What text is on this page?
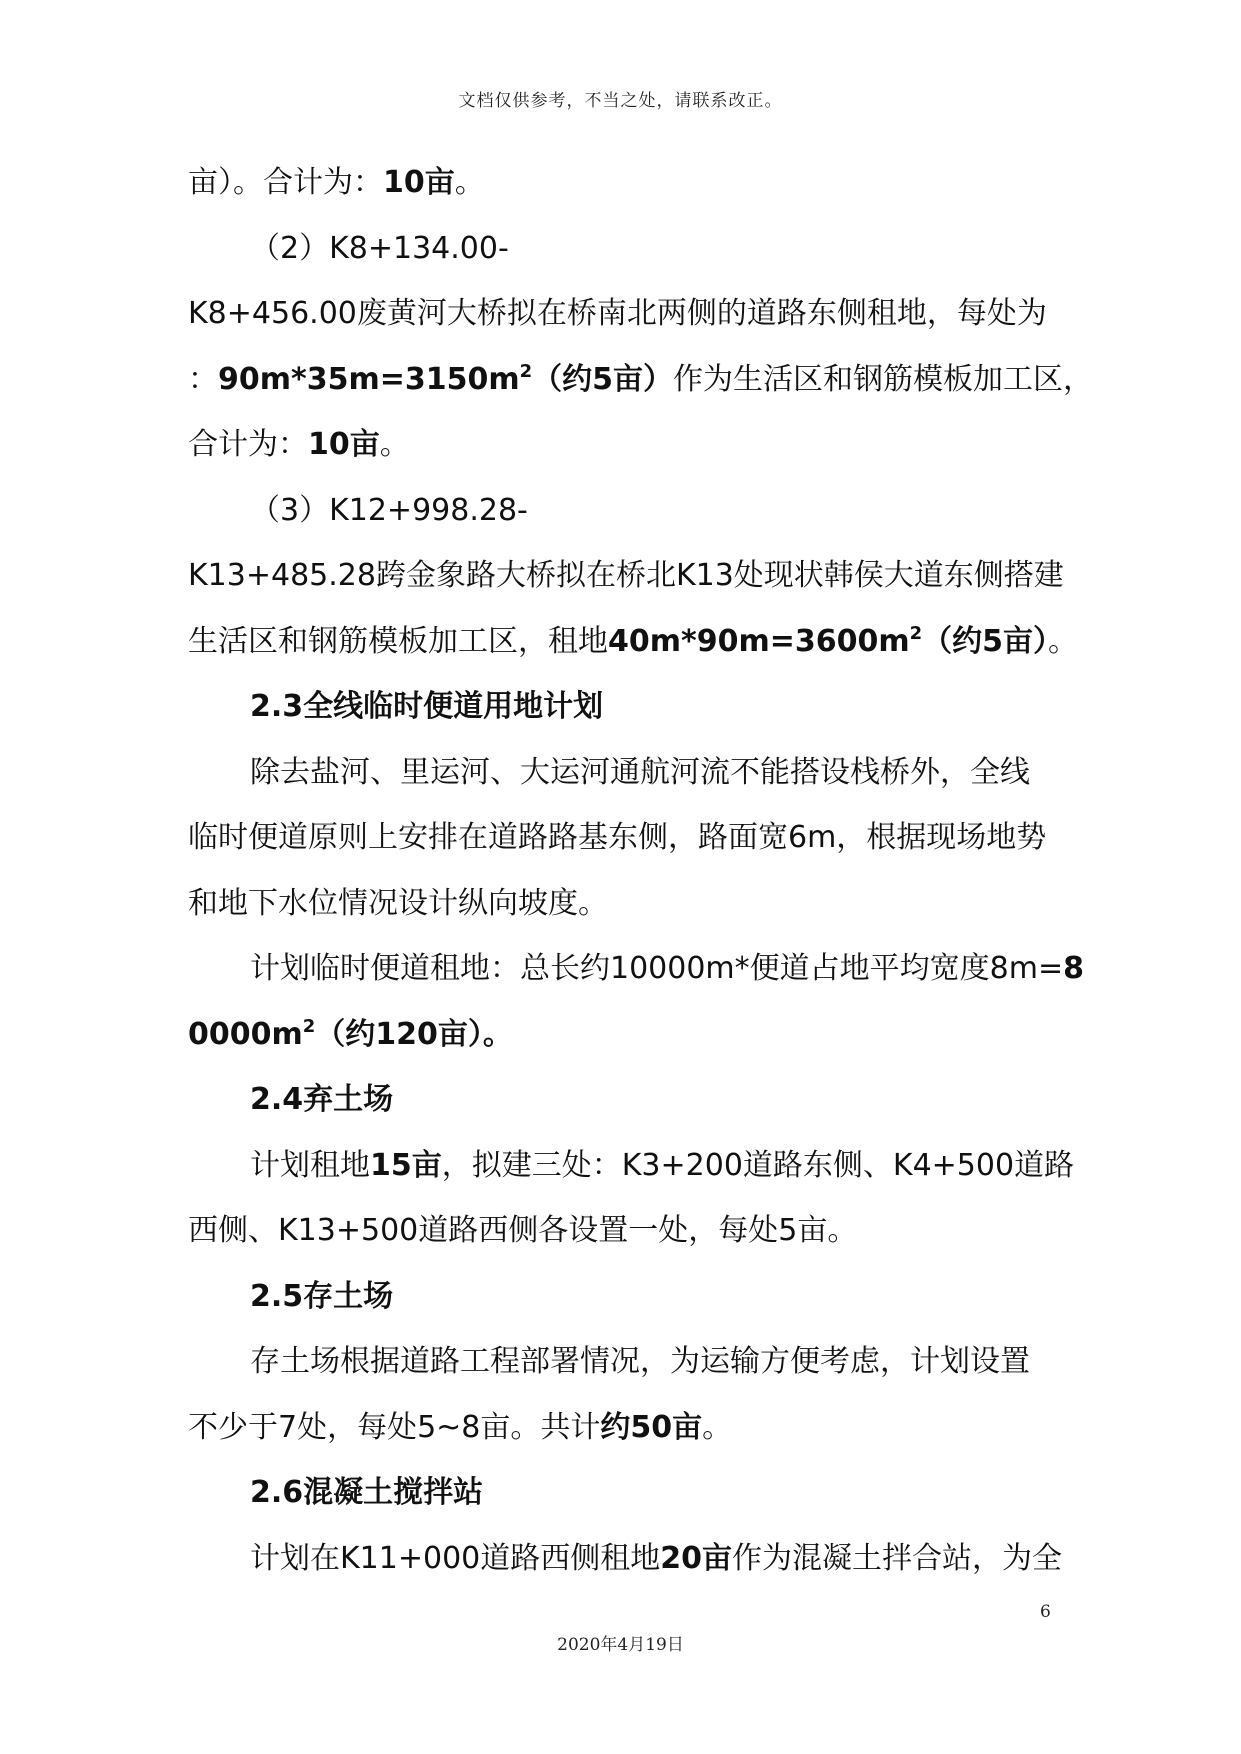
文档仅供参考，不当之处，请联系改正。
亩）。合计为：10亩。
（2）K8+134.00-
K8+456.00废黄河大桥拟在桥南北两侧的道路东侧租地，每处为
：$90m*35m=3150m^2$（约5亩）作为生活区和钢筋模板加工区，
合计为：10亩。
（3）K12+998.28-
K13+485.28跨金象路大桥拟在桥北K13处现状韩侯大道东侧搭建
生活区和钢筋模板加工区，租地$40m*90m=3600m^2$（约5亩）。
2.3全线临时便道用地计划
除去盐河、里运河、大运河通航河流不能搭设栈桥外，全线
临时便道原则上安排在道路路基东侧，路面宽6m，根据现场地势
和地下水位情况设计纵向坡度。
计划临时便道租地：总长约10000m*便道占地平均宽度8m=8
$0000m^2$（约120亩）。
2.4弃土场
计划租地15亩，拟建三处：K3+200道路东侧、K4+500道路
西侧、K13+500道路西侧各设置一处，每处5亩。
2.5存土场
存土场根据道路工程部署情况，为运输方便考虑，计划设置
不少于7处，每处5~8亩。共计约50亩。
2.6混凝土搅拌站
计划在K11+000道路西侧租地20亩作为混凝土拌合站，为全
6
2020年4月19日
